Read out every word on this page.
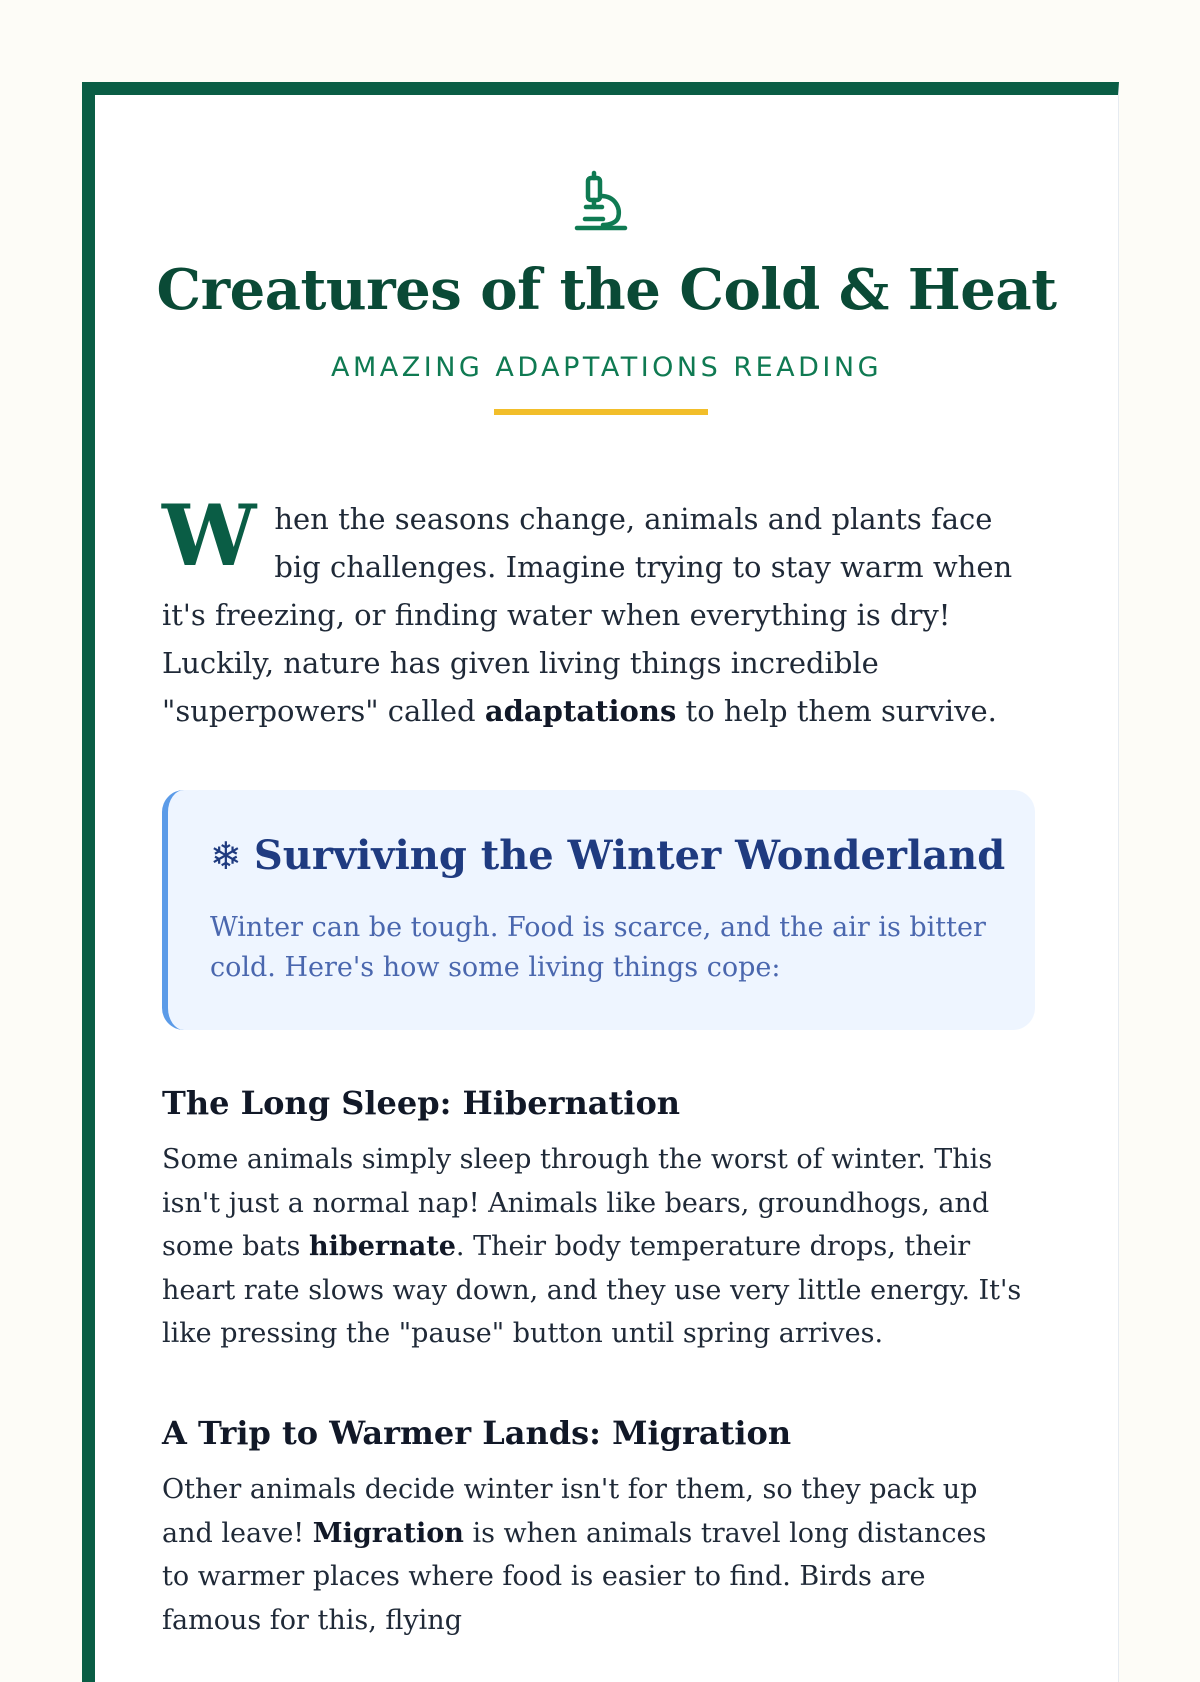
Creatures of the Cold & Heat
AMAZING ADAPTATIONS READING

When the seasons change, animals and plants face big challenges. Imagine trying to stay warm when it's freezing, or finding water when everything is dry! Luckily, nature has given living things incredible "superpowers" called adaptations to help them survive.

❄ Surviving the Winter Wonderland

Winter can be tough. Food is scarce, and the air is bitter cold. Here's how some living things cope:

The Long Sleep: Hibernation

Some animals simply sleep through the worst of winter. This isn't just a normal nap! Animals like bears, groundhogs, and some bats hibernate. Their body temperature drops, their heart rate slows way down, and they use very little energy. It's like pressing the "pause" button until spring arrives.

A Trip to Warmer Lands: Migration

Other animals decide winter isn't for them, so they pack up and leave! Migration is when animals travel long distances to warmer places where food is easier to find. Birds are famous for this, flying
